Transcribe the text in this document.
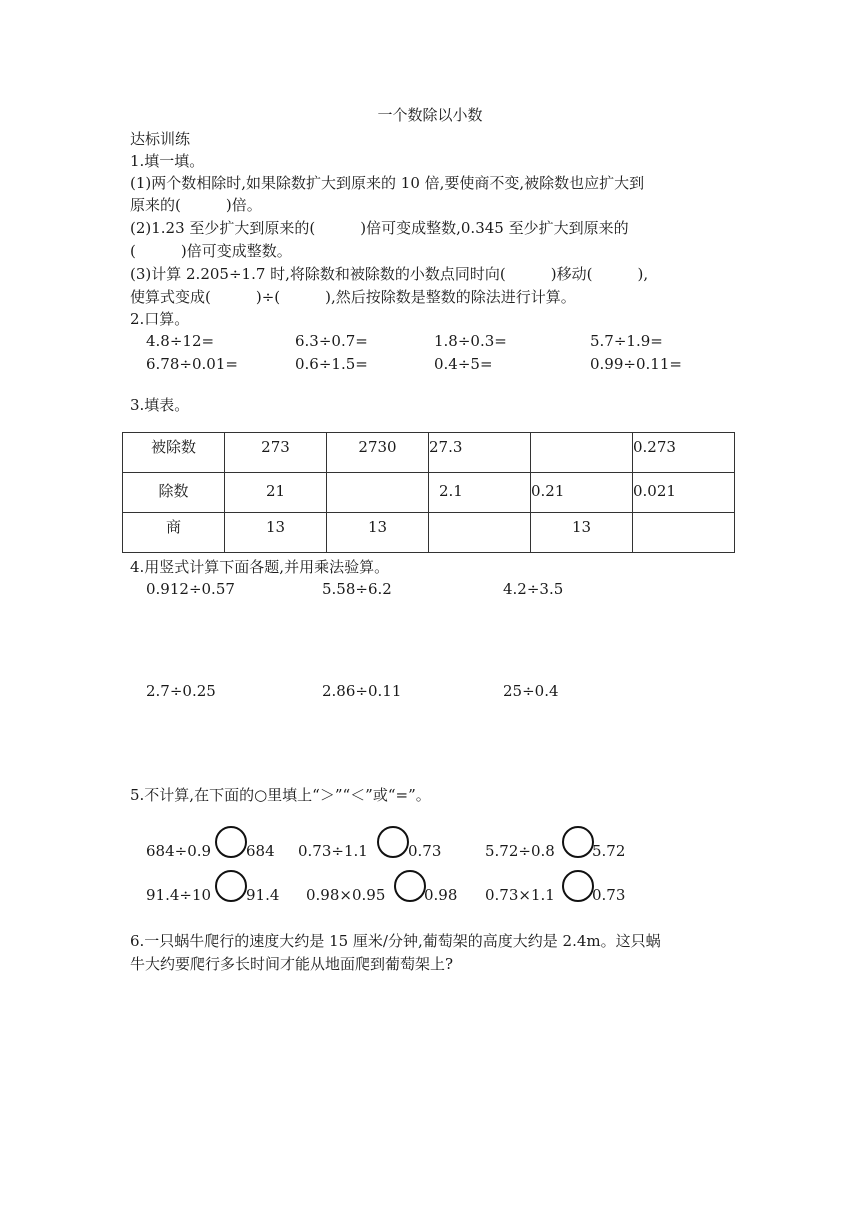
一个数除以小数
达标训练
1.填一填。
(1)两个数相除时,如果除数扩大到原来的 10 倍,要使商不变,被除数也应扩大到
原来的(　　　)倍。
(2)1.23 至少扩大到原来的(　　　)倍可变成整数,0.345 至少扩大到原来的
(　　　)倍可变成整数。
(3)计算 2.205÷1.7 时,将除数和被除数的小数点同时向(　　　)移动(　　　),
使算式变成(　　　)÷(　　　),然后按除数是整数的除法进行计算。
2.口算。
4.8÷12=	6.3÷0.7=	1.8÷0.3=	5.7÷1.9=
6.78÷0.01=	0.6÷1.5=	0.4÷5=	0.99÷0.11=
3.填表。
被除数	273	2730	27.3		0.273

除数	21		2.1	0.21	0.021

商	13	13		13	

4.用竖式计算下面各题,并用乘法验算。
0.912÷0.57	5.58÷6.2	4.2÷3.5
2.7÷0.25	2.86÷0.11	25÷0.4
5.不计算,在下面的○里填上“＞”“＜”或“=”。
684÷0.9 684 0.73÷1.1	0.73	5.72÷0.8 5.72
91.4÷10 91.4 0.98×0.95	0.98 0.73×1.1 0.73
6.一只蜗牛爬行的速度大约是 15 厘米/分钟,葡萄架的高度大约是 2.4m。这只蜗
牛大约要爬行多长时间才能从地面爬到葡萄架上?
